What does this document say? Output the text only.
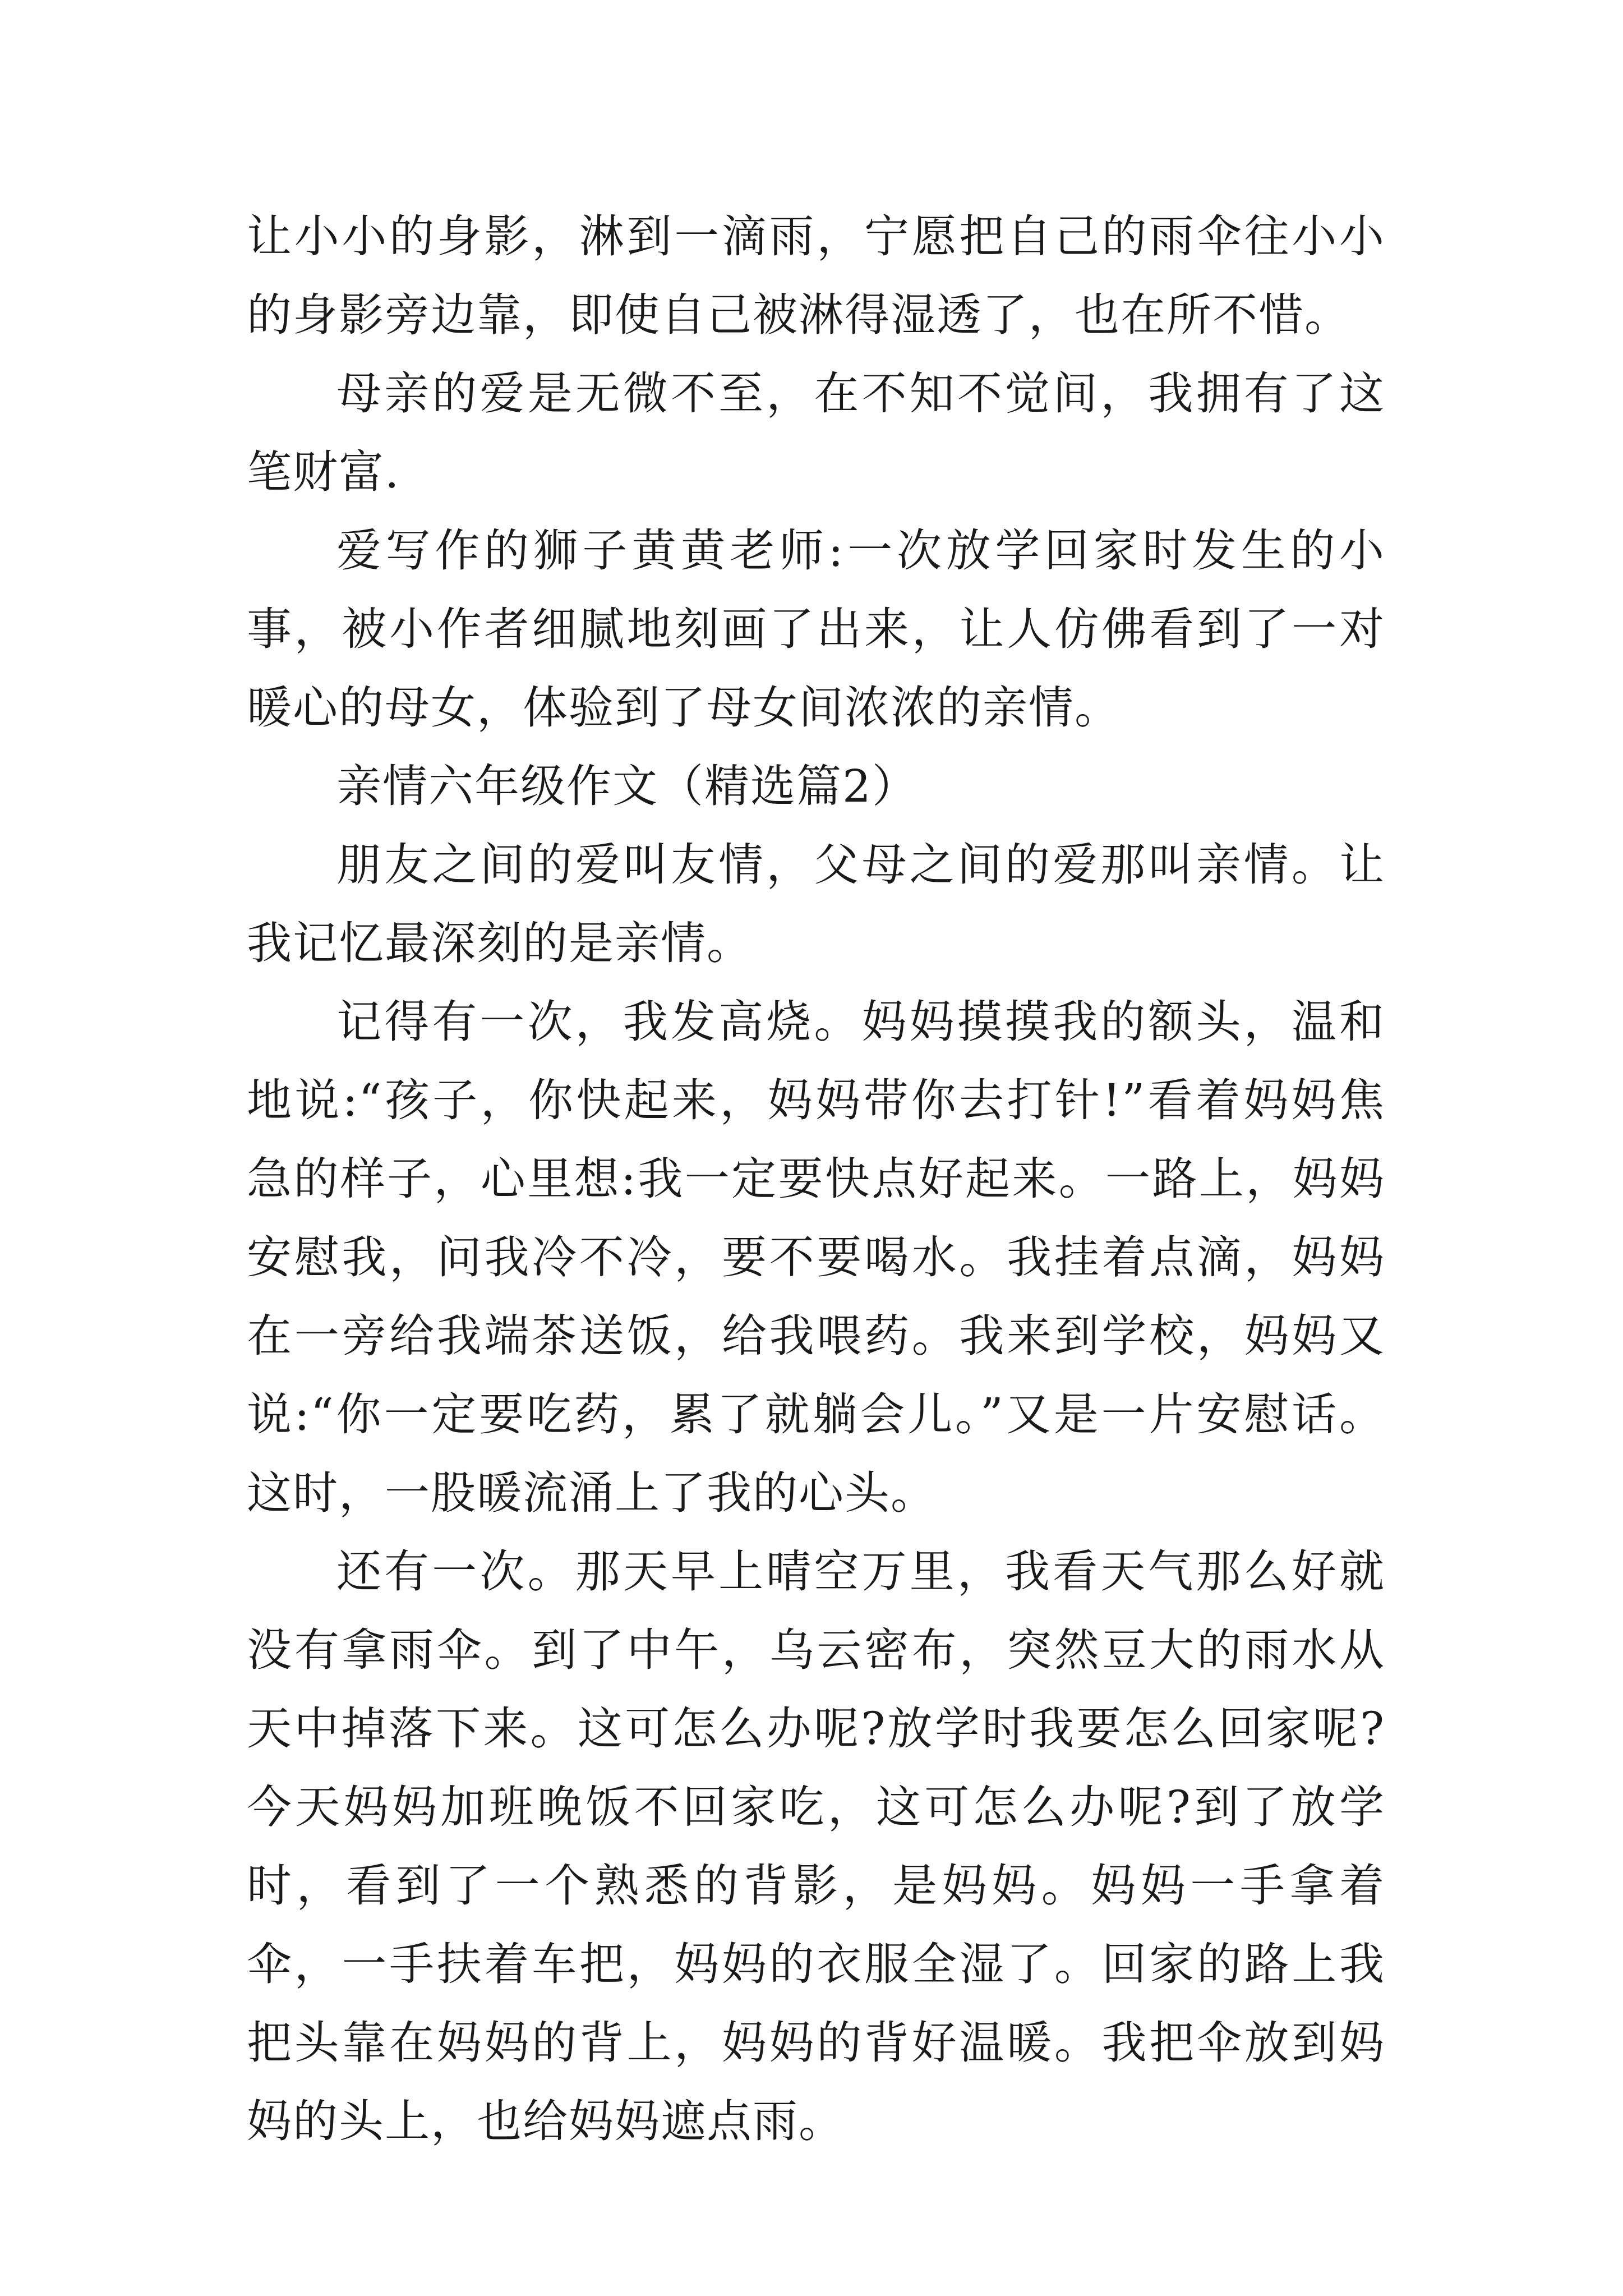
让小小的身影，淋到一滴雨，宁愿把自己的雨伞往小小的身影旁边靠，即使自己被淋得湿透了，也在所不惜。

母亲的爱是无微不至，在不知不觉间，我拥有了这笔财富.

爱写作的狮子黄黄老师:一次放学回家时发生的小事，被小作者细腻地刻画了出来，让人仿佛看到了一对暖心的母女，体验到了母女间浓浓的亲情。

亲情六年级作文（精选篇2）

朋友之间的爱叫友情，父母之间的爱那叫亲情。让我记忆最深刻的是亲情。

记得有一次，我发高烧。妈妈摸摸我的额头，温和地说:“孩子，你快起来，妈妈带你去打针!”看着妈妈焦急的样子，心里想:我一定要快点好起来。一路上，妈妈安慰我，问我冷不冷，要不要喝水。我挂着点滴，妈妈在一旁给我端茶送饭，给我喂药。我来到学校，妈妈又说:“你一定要吃药，累了就躺会儿。”又是一片安慰话。这时，一股暖流涌上了我的心头。

还有一次。那天早上晴空万里，我看天气那么好就没有拿雨伞。到了中午，乌云密布，突然豆大的雨水从天中掉落下来。这可怎么办呢?放学时我要怎么回家呢?今天妈妈加班晚饭不回家吃，这可怎么办呢?到了放学时，看到了一个熟悉的背影，是妈妈。妈妈一手拿着伞，一手扶着车把，妈妈的衣服全湿了。回家的路上我把头靠在妈妈的背上，妈妈的背好温暖。我把伞放到妈妈的头上，也给妈妈遮点雨。
